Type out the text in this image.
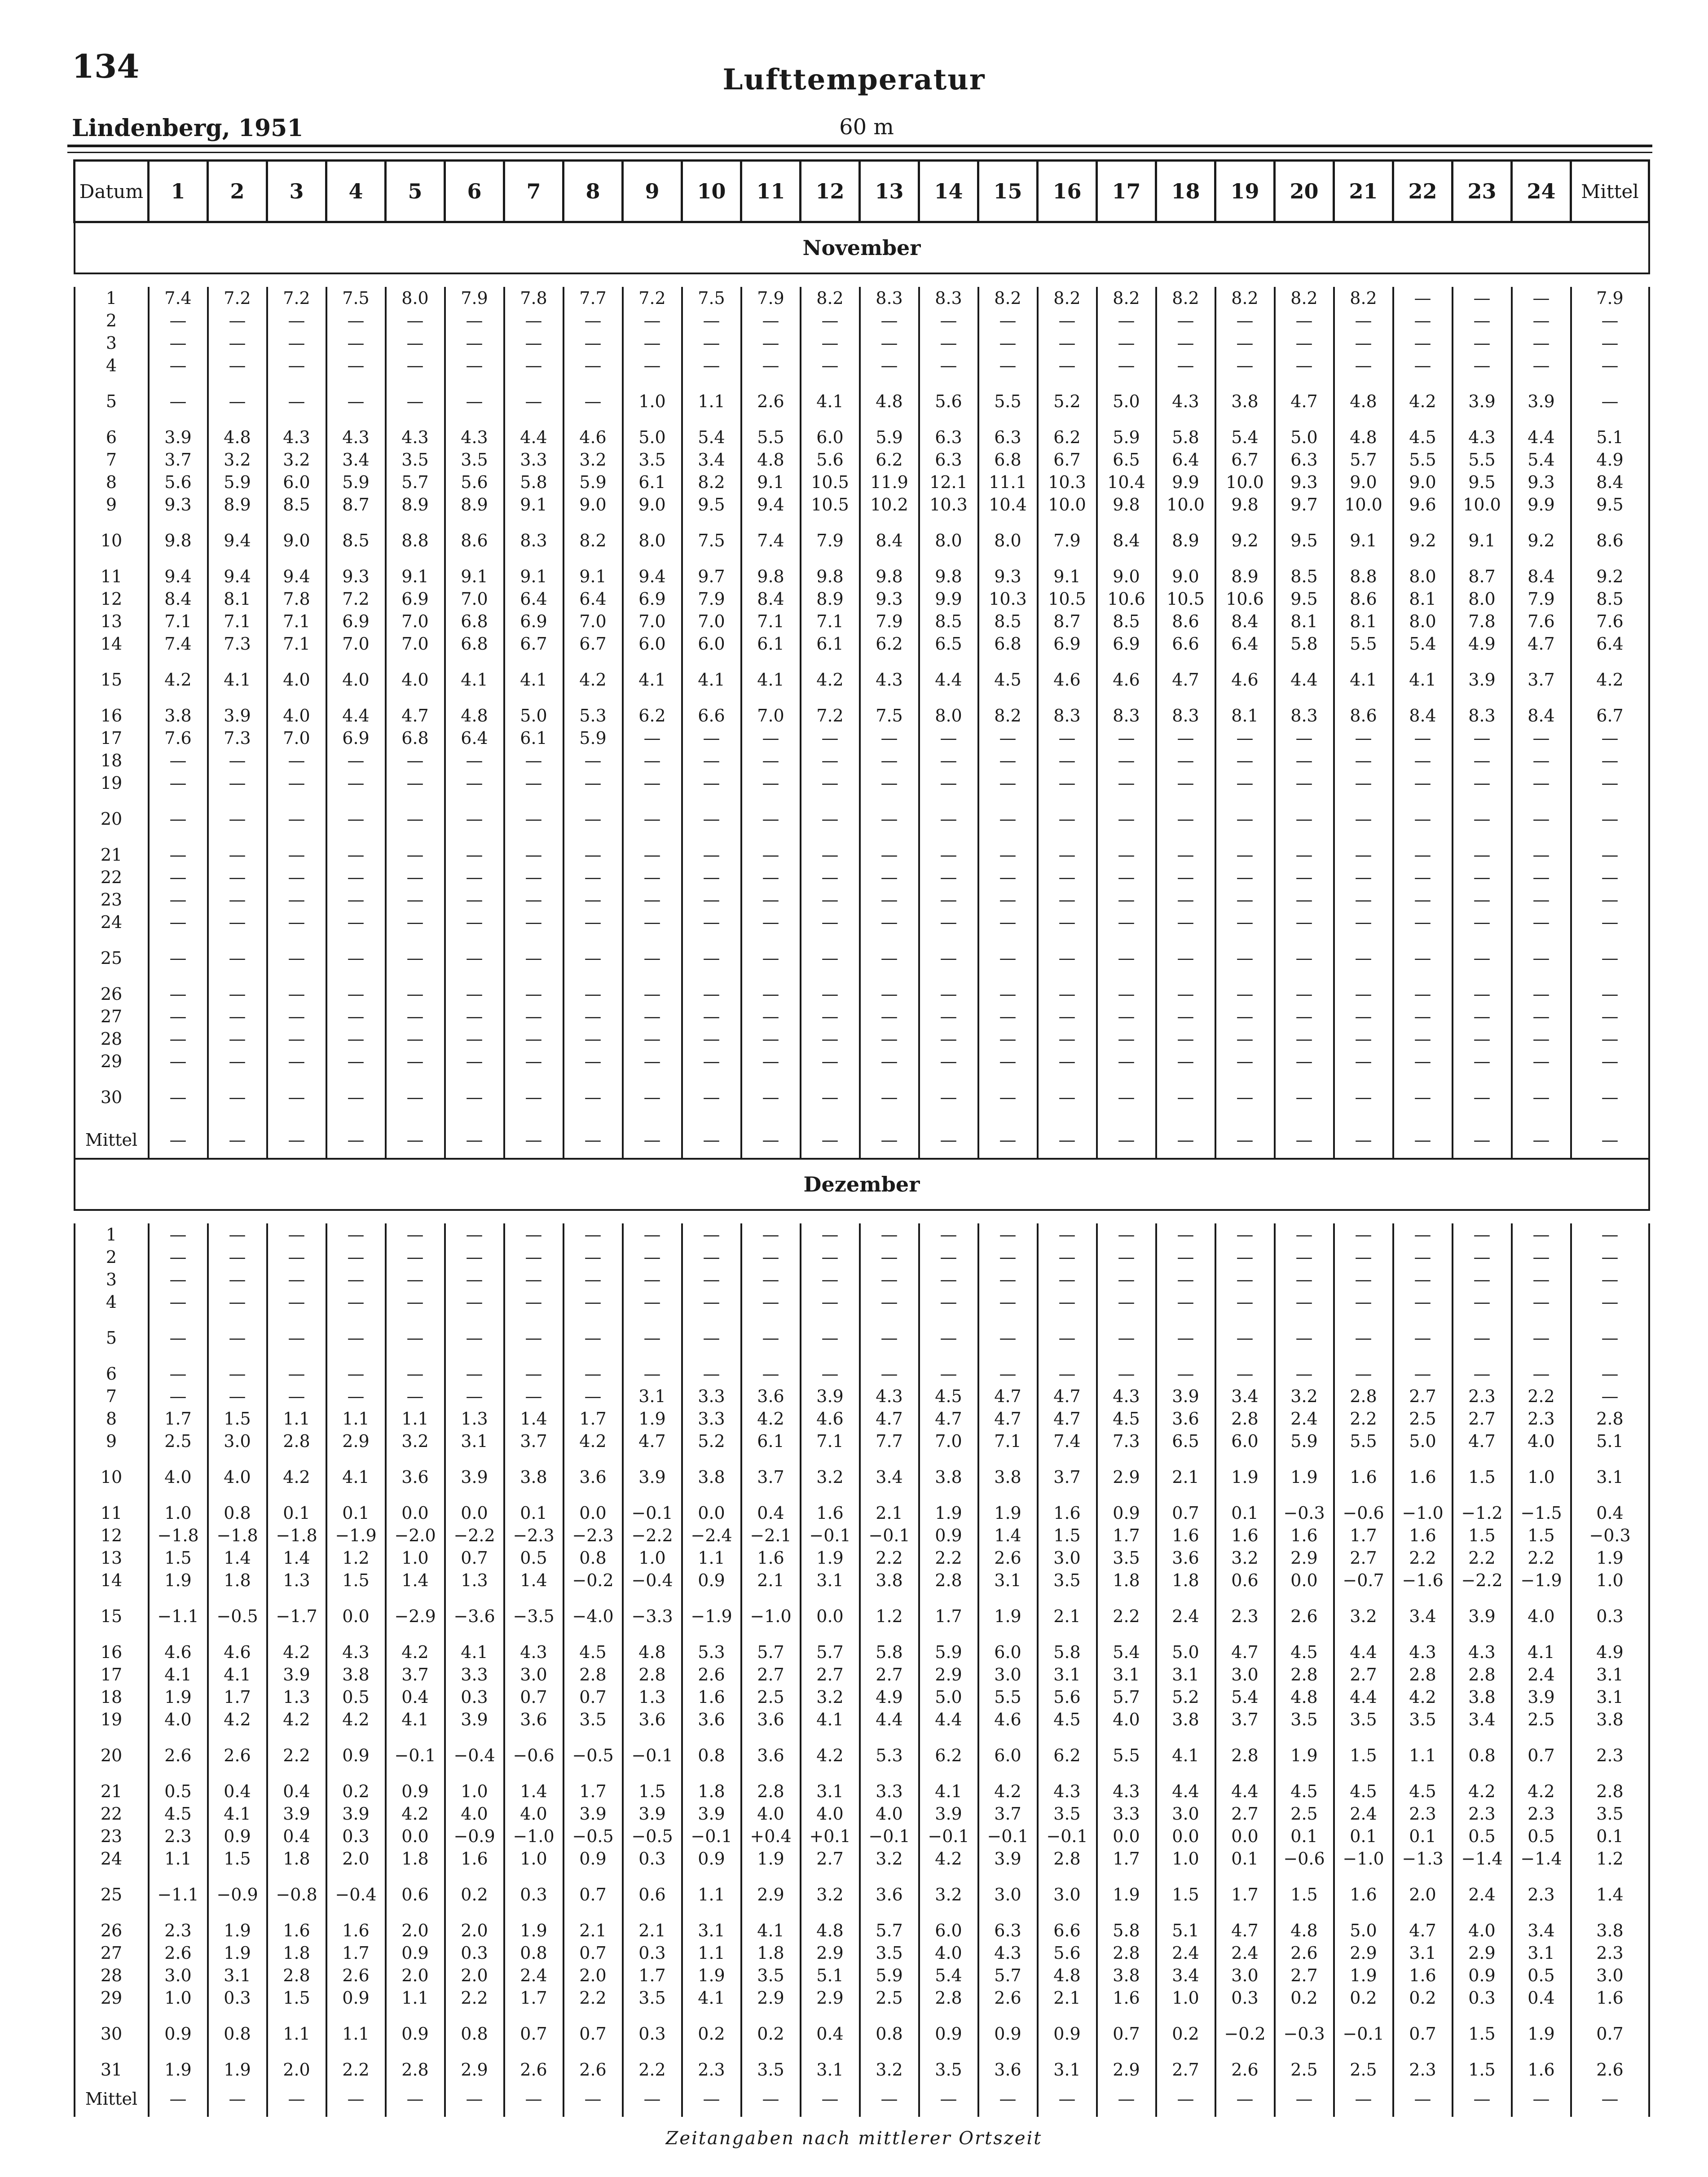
134	Lufttemperatur
Lindenberg, 1951	60 m
Datum	1	2	3	4	5	6	7	8	9	10	11	12	13	14	15	16	17	18	19	20	21	22	23	24	Mittel
November																									

1	7.4	7.2	7.2	7.5	8.0	7.9	7.8	7.7	7.2	7.5	7.9	8.2	8.3	8.3	8.2	8.2	8.2	8.2	8.2	8.2	8.2	—	—	—	7.9
2	—	—	—	—	—	—	—	—	—	—	—	—	—	—	—	—	—	—	—	—	—	—	—	—	—
3	—	—	—	—	—	—	—	—	—	—	—	—	—	—	—	—	—	—	—	—	—	—	—	—	—
4	—	—	—	—	—	—	—	—	—	—	—	—	—	—	—	—	—	—	—	—	—	—	—	—	—
5	—	—	—	—	—	—	—	—	1.0	1.1	2.6	4.1	4.8	5.6	5.5	5.2	5.0	4.3	3.8	4.7	4.8	4.2	3.9	3.9	—
6	3.9	4.8	4.3	4.3	4.3	4.3	4.4	4.6	5.0	5.4	5.5	6.0	5.9	6.3	6.3	6.2	5.9	5.8	5.4	5.0	4.8	4.5	4.3	4.4	5.1
7	3.7	3.2	3.2	3.4	3.5	3.5	3.3	3.2	3.5	3.4	4.8	5.6	6.2	6.3	6.8	6.7	6.5	6.4	6.7	6.3	5.7	5.5	5.5	5.4	4.9
8	5.6	5.9	6.0	5.9	5.7	5.6	5.8	5.9	6.1	8.2	9.1	10.5	11.9	12.1	11.1	10.3	10.4	9.9	10.0	9.3	9.0	9.0	9.5	9.3	8.4
9	9.3	8.9	8.5	8.7	8.9	8.9	9.1	9.0	9.0	9.5	9.4	10.5	10.2	10.3	10.4	10.0	9.8	10.0	9.8	9.7	10.0	9.6	10.0	9.9	9.5
10	9.8	9.4	9.0	8.5	8.8	8.6	8.3	8.2	8.0	7.5	7.4	7.9	8.4	8.0	8.0	7.9	8.4	8.9	9.2	9.5	9.1	9.2	9.1	9.2	8.6
11	9.4	9.4	9.4	9.3	9.1	9.1	9.1	9.1	9.4	9.7	9.8	9.8	9.8	9.8	9.3	9.1	9.0	9.0	8.9	8.5	8.8	8.0	8.7	8.4	9.2
12	8.4	8.1	7.8	7.2	6.9	7.0	6.4	6.4	6.9	7.9	8.4	8.9	9.3	9.9	10.3	10.5	10.6	10.5	10.6	9.5	8.6	8.1	8.0	7.9	8.5
13	7.1	7.1	7.1	6.9	7.0	6.8	6.9	7.0	7.0	7.0	7.1	7.1	7.9	8.5	8.5	8.7	8.5	8.6	8.4	8.1	8.1	8.0	7.8	7.6	7.6
14	7.4	7.3	7.1	7.0	7.0	6.8	6.7	6.7	6.0	6.0	6.1	6.1	6.2	6.5	6.8	6.9	6.9	6.6	6.4	5.8	5.5	5.4	4.9	4.7	6.4
15	4.2	4.1	4.0	4.0	4.0	4.1	4.1	4.2	4.1	4.1	4.1	4.2	4.3	4.4	4.5	4.6	4.6	4.7	4.6	4.4	4.1	4.1	3.9	3.7	4.2
16	3.8	3.9	4.0	4.4	4.7	4.8	5.0	5.3	6.2	6.6	7.0	7.2	7.5	8.0	8.2	8.3	8.3	8.3	8.1	8.3	8.6	8.4	8.3	8.4	6.7
17	7.6	7.3	7.0	6.9	6.8	6.4	6.1	5.9	—	—	—	—	—	—	—	—	—	—	—	—	—	—	—	—	—
18	—	—	—	—	—	—	—	—	—	—	—	—	—	—	—	—	—	—	—	—	—	—	—	—	—
19	—	—	—	—	—	—	—	—	—	—	—	—	—	—	—	—	—	—	—	—	—	—	—	—	—
20	—	—	—	—	—	—	—	—	—	—	—	—	—	—	—	—	—	—	—	—	—	—	—	—	—
21	—	—	—	—	—	—	—	—	—	—	—	—	—	—	—	—	—	—	—	—	—	—	—	—	—
22	—	—	—	—	—	—	—	—	—	—	—	—	—	—	—	—	—	—	—	—	—	—	—	—	—
23	—	—	—	—	—	—	—	—	—	—	—	—	—	—	—	—	—	—	—	—	—	—	—	—	—
24	—	—	—	—	—	—	—	—	—	—	—	—	—	—	—	—	—	—	—	—	—	—	—	—	—
25	—	—	—	—	—	—	—	—	—	—	—	—	—	—	—	—	—	—	—	—	—	—	—	—	—
26	—	—	—	—	—	—	—	—	—	—	—	—	—	—	—	—	—	—	—	—	—	—	—	—	—
27	—	—	—	—	—	—	—	—	—	—	—	—	—	—	—	—	—	—	—	—	—	—	—	—	—
28	—	—	—	—	—	—	—	—	—	—	—	—	—	—	—	—	—	—	—	—	—	—	—	—	—
29	—	—	—	—	—	—	—	—	—	—	—	—	—	—	—	—	—	—	—	—	—	—	—	—	—
30	—	—	—	—	—	—	—	—	—	—	—	—	—	—	—	—	—	—	—	—	—	—	—	—	—
Mittel	—	—	—	—	—	—	—	—	—	—	—	—	—	—	—	—	—	—	—	—	—	—	—	—	—
Dezember																									

1	—	—	—	—	—	—	—	—	—	—	—	—	—	—	—	—	—	—	—	—	—	—	—	—	—
2	—	—	—	—	—	—	—	—	—	—	—	—	—	—	—	—	—	—	—	—	—	—	—	—	—
3	—	—	—	—	—	—	—	—	—	—	—	—	—	—	—	—	—	—	—	—	—	—	—	—	—
4	—	—	—	—	—	—	—	—	—	—	—	—	—	—	—	—	—	—	—	—	—	—	—	—	—
5	—	—	—	—	—	—	—	—	—	—	—	—	—	—	—	—	—	—	—	—	—	—	—	—	—
6	—	—	—	—	—	—	—	—	—	—	—	—	—	—	—	—	—	—	—	—	—	—	—	—	—
7	—	—	—	—	—	—	—	—	3.1	3.3	3.6	3.9	4.3	4.5	4.7	4.7	4.3	3.9	3.4	3.2	2.8	2.7	2.3	2.2	—
8	1.7	1.5	1.1	1.1	1.1	1.3	1.4	1.7	1.9	3.3	4.2	4.6	4.7	4.7	4.7	4.7	4.5	3.6	2.8	2.4	2.2	2.5	2.7	2.3	2.8
9	2.5	3.0	2.8	2.9	3.2	3.1	3.7	4.2	4.7	5.2	6.1	7.1	7.7	7.0	7.1	7.4	7.3	6.5	6.0	5.9	5.5	5.0	4.7	4.0	5.1
10	4.0	4.0	4.2	4.1	3.6	3.9	3.8	3.6	3.9	3.8	3.7	3.2	3.4	3.8	3.8	3.7	2.9	2.1	1.9	1.9	1.6	1.6	1.5	1.0	3.1
11	1.0	0.8	0.1	0.1	0.0	0.0	0.1	0.0	−0.1	0.0	0.4	1.6	2.1	1.9	1.9	1.6	0.9	0.7	0.1	−0.3	−0.6	−1.0	−1.2	−1.5	0.4
12	−1.8	−1.8	−1.8	−1.9	−2.0	−2.2	−2.3	−2.3	−2.2	−2.4	−2.1	−0.1	−0.1	0.9	1.4	1.5	1.7	1.6	1.6	1.6	1.7	1.6	1.5	1.5	−0.3
13	1.5	1.4	1.4	1.2	1.0	0.7	0.5	0.8	1.0	1.1	1.6	1.9	2.2	2.2	2.6	3.0	3.5	3.6	3.2	2.9	2.7	2.2	2.2	2.2	1.9
14	1.9	1.8	1.3	1.5	1.4	1.3	1.4	−0.2	−0.4	0.9	2.1	3.1	3.8	2.8	3.1	3.5	1.8	1.8	0.6	0.0	−0.7	−1.6	−2.2	−1.9	1.0
15	−1.1	−0.5	−1.7	0.0	−2.9	−3.6	−3.5	−4.0	−3.3	−1.9	−1.0	0.0	1.2	1.7	1.9	2.1	2.2	2.4	2.3	2.6	3.2	3.4	3.9	4.0	0.3
16	4.6	4.6	4.2	4.3	4.2	4.1	4.3	4.5	4.8	5.3	5.7	5.7	5.8	5.9	6.0	5.8	5.4	5.0	4.7	4.5	4.4	4.3	4.3	4.1	4.9
17	4.1	4.1	3.9	3.8	3.7	3.3	3.0	2.8	2.8	2.6	2.7	2.7	2.7	2.9	3.0	3.1	3.1	3.1	3.0	2.8	2.7	2.8	2.8	2.4	3.1
18	1.9	1.7	1.3	0.5	0.4	0.3	0.7	0.7	1.3	1.6	2.5	3.2	4.9	5.0	5.5	5.6	5.7	5.2	5.4	4.8	4.4	4.2	3.8	3.9	3.1
19	4.0	4.2	4.2	4.2	4.1	3.9	3.6	3.5	3.6	3.6	3.6	4.1	4.4	4.4	4.6	4.5	4.0	3.8	3.7	3.5	3.5	3.5	3.4	2.5	3.8
20	2.6	2.6	2.2	0.9	−0.1	−0.4	−0.6	−0.5	−0.1	0.8	3.6	4.2	5.3	6.2	6.0	6.2	5.5	4.1	2.8	1.9	1.5	1.1	0.8	0.7	2.3
21	0.5	0.4	0.4	0.2	0.9	1.0	1.4	1.7	1.5	1.8	2.8	3.1	3.3	4.1	4.2	4.3	4.3	4.4	4.4	4.5	4.5	4.5	4.2	4.2	2.8
22	4.5	4.1	3.9	3.9	4.2	4.0	4.0	3.9	3.9	3.9	4.0	4.0	4.0	3.9	3.7	3.5	3.3	3.0	2.7	2.5	2.4	2.3	2.3	2.3	3.5
23	2.3	0.9	0.4	0.3	0.0	−0.9	−1.0	−0.5	−0.5	−0.1	+0.4	+0.1	−0.1	−0.1	−0.1	−0.1	0.0	0.0	0.0	0.1	0.1	0.1	0.5	0.5	0.1
24	1.1	1.5	1.8	2.0	1.8	1.6	1.0	0.9	0.3	0.9	1.9	2.7	3.2	4.2	3.9	2.8	1.7	1.0	0.1	−0.6	−1.0	−1.3	−1.4	−1.4	1.2
25	−1.1	−0.9	−0.8	−0.4	0.6	0.2	0.3	0.7	0.6	1.1	2.9	3.2	3.6	3.2	3.0	3.0	1.9	1.5	1.7	1.5	1.6	2.0	2.4	2.3	1.4
26	2.3	1.9	1.6	1.6	2.0	2.0	1.9	2.1	2.1	3.1	4.1	4.8	5.7	6.0	6.3	6.6	5.8	5.1	4.7	4.8	5.0	4.7	4.0	3.4	3.8
27	2.6	1.9	1.8	1.7	0.9	0.3	0.8	0.7	0.3	1.1	1.8	2.9	3.5	4.0	4.3	5.6	2.8	2.4	2.4	2.6	2.9	3.1	2.9	3.1	2.3
28	3.0	3.1	2.8	2.6	2.0	2.0	2.4	2.0	1.7	1.9	3.5	5.1	5.9	5.4	5.7	4.8	3.8	3.4	3.0	2.7	1.9	1.6	0.9	0.5	3.0
29	1.0	0.3	1.5	0.9	1.1	2.2	1.7	2.2	3.5	4.1	2.9	2.9	2.5	2.8	2.6	2.1	1.6	1.0	0.3	0.2	0.2	0.2	0.3	0.4	1.6
30	0.9	0.8	1.1	1.1	0.9	0.8	0.7	0.7	0.3	0.2	0.2	0.4	0.8	0.9	0.9	0.9	0.7	0.2	−0.2	−0.3	−0.1	0.7	1.5	1.9	0.7
31	1.9	1.9	2.0	2.2	2.8	2.9	2.6	2.6	2.2	2.3	3.5	3.1	3.2	3.5	3.6	3.1	2.9	2.7	2.6	2.5	2.5	2.3	1.5	1.6	2.6
Mittel	—	—	—	—	—	—	—	—	—	—	—	—	—	—	—	—	—	—	—	—	—	—	—	—	—
Zeitangaben nach mittlerer Ortszeit
